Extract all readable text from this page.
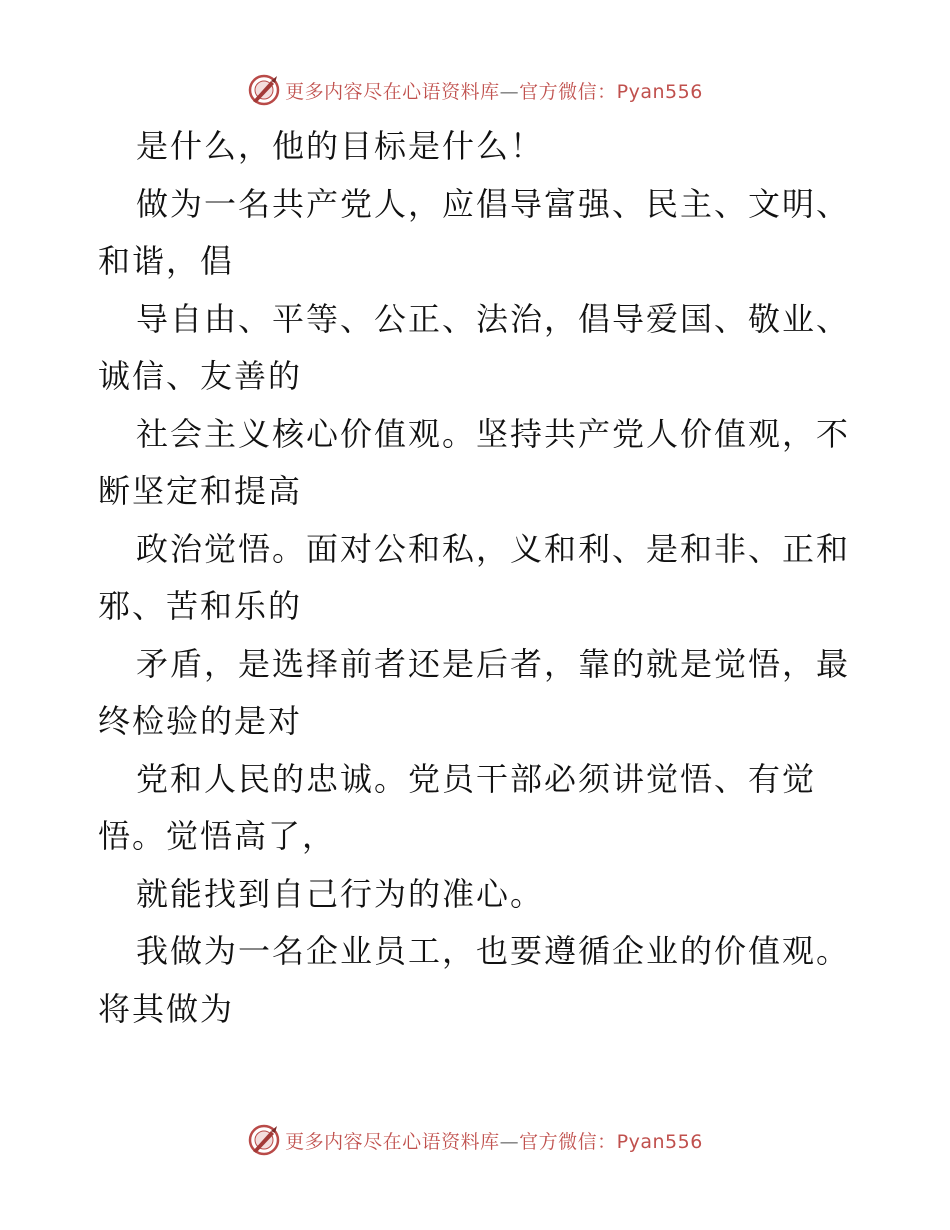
更多内容尽在心语资料库—官方微信：Pyan556

是什么，他的目标是什么！

做为一名共产党人，应倡导富强、民主、文明、和谐，倡

导自由、平等、公正、法治，倡导爱国、敬业、诚信、友善的

社会主义核心价值观。坚持共产党人价值观，不断坚定和提高

政治觉悟。面对公和私，义和利、是和非、正和邪、苦和乐的

矛盾，是选择前者还是后者，靠的就是觉悟，最终检验的是对

党和人民的忠诚。党员干部必须讲觉悟、有觉悟。觉悟高了，

就能找到自己行为的准心。

我做为一名企业员工，也要遵循企业的价值观。将其做为

更多内容尽在心语资料库—官方微信：Pyan556
